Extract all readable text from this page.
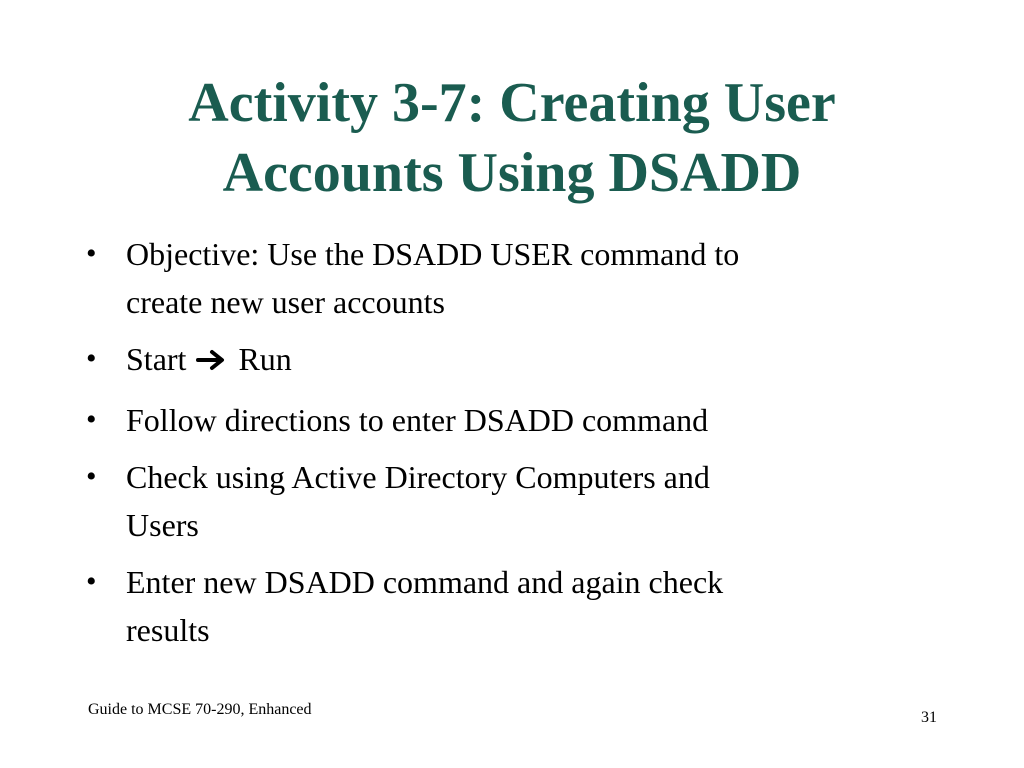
Activity 3-7: Creating User
Accounts Using DSADD
• Objective: Use the DSADD USER command to
create new user accounts
• Start Run
• Follow directions to enter DSADD command
• Check using Active Directory Computers and
Users
• Enter new DSADD command and again check
results
Guide to MCSE 70-290, Enhanced	31
